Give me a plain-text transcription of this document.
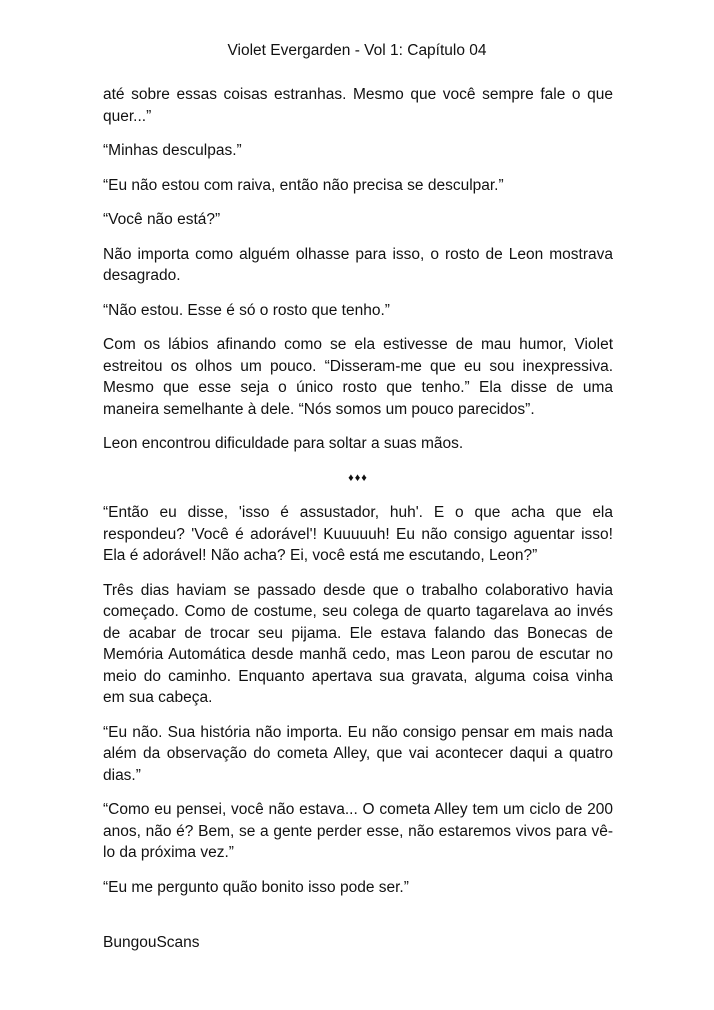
Violet Evergarden - Vol 1: Capítulo 04

até sobre essas coisas estranhas. Mesmo que você sempre fale o que quer...”

“Minhas desculpas.”

“Eu não estou com raiva, então não precisa se desculpar.”

“Você não está?”

Não importa como alguém olhasse para isso, o rosto de Leon mostrava desagrado.

“Não estou. Esse é só o rosto que tenho.”

Com os lábios afinando como se ela estivesse de mau humor, Violet estreitou os olhos um pouco. “Disseram-me que eu sou inexpressiva. Mesmo que esse seja o único rosto que tenho.” Ela disse de uma maneira semelhante à dele. “Nós somos um pouco parecidos”.

Leon encontrou dificuldade para soltar a suas mãos.

♦♦♦

“Então eu disse, 'isso é assustador, huh'. E o que acha que ela respondeu? 'Você é adorável'! Kuuuuuh! Eu não consigo aguentar isso! Ela é adorável! Não acha? Ei, você está me escutando, Leon?”

Três dias haviam se passado desde que o trabalho colaborativo havia começado. Como de costume, seu colega de quarto tagarelava ao invés de acabar de trocar seu pijama. Ele estava falando das Bonecas de Memória Automática desde manhã cedo, mas Leon parou de escutar no meio do caminho. Enquanto apertava sua gravata, alguma coisa vinha em sua cabeça.

“Eu não. Sua história não importa. Eu não consigo pensar em mais nada além da observação do cometa Alley, que vai acontecer daqui a quatro dias.”

“Como eu pensei, você não estava... O cometa Alley tem um ciclo de 200 anos, não é? Bem, se a gente perder esse, não estaremos vivos para vê-lo da próxima vez.”

“Eu me pergunto quão bonito isso pode ser.”

BungouScans
